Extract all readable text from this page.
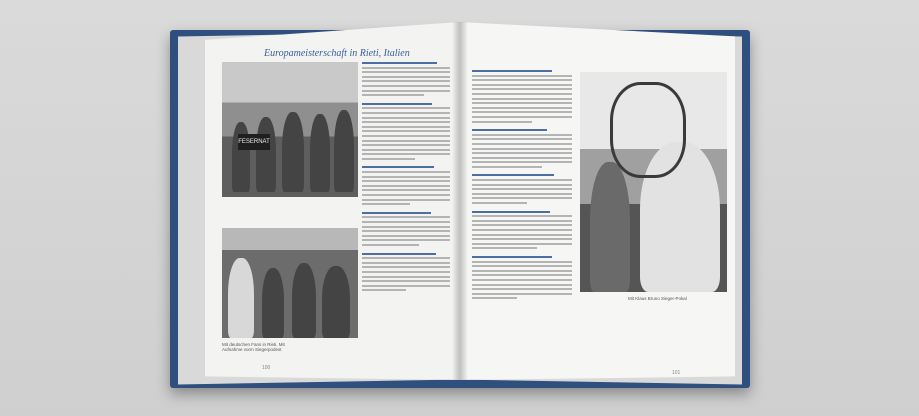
Europameisterschaft in Rieti, Italien
FESERNAT
Mit deutschen Fans in Rieti. Mit Aufnahme vorm Siegerpodest
Mit Klaus Bruno Sieger-Pokal
100
101
